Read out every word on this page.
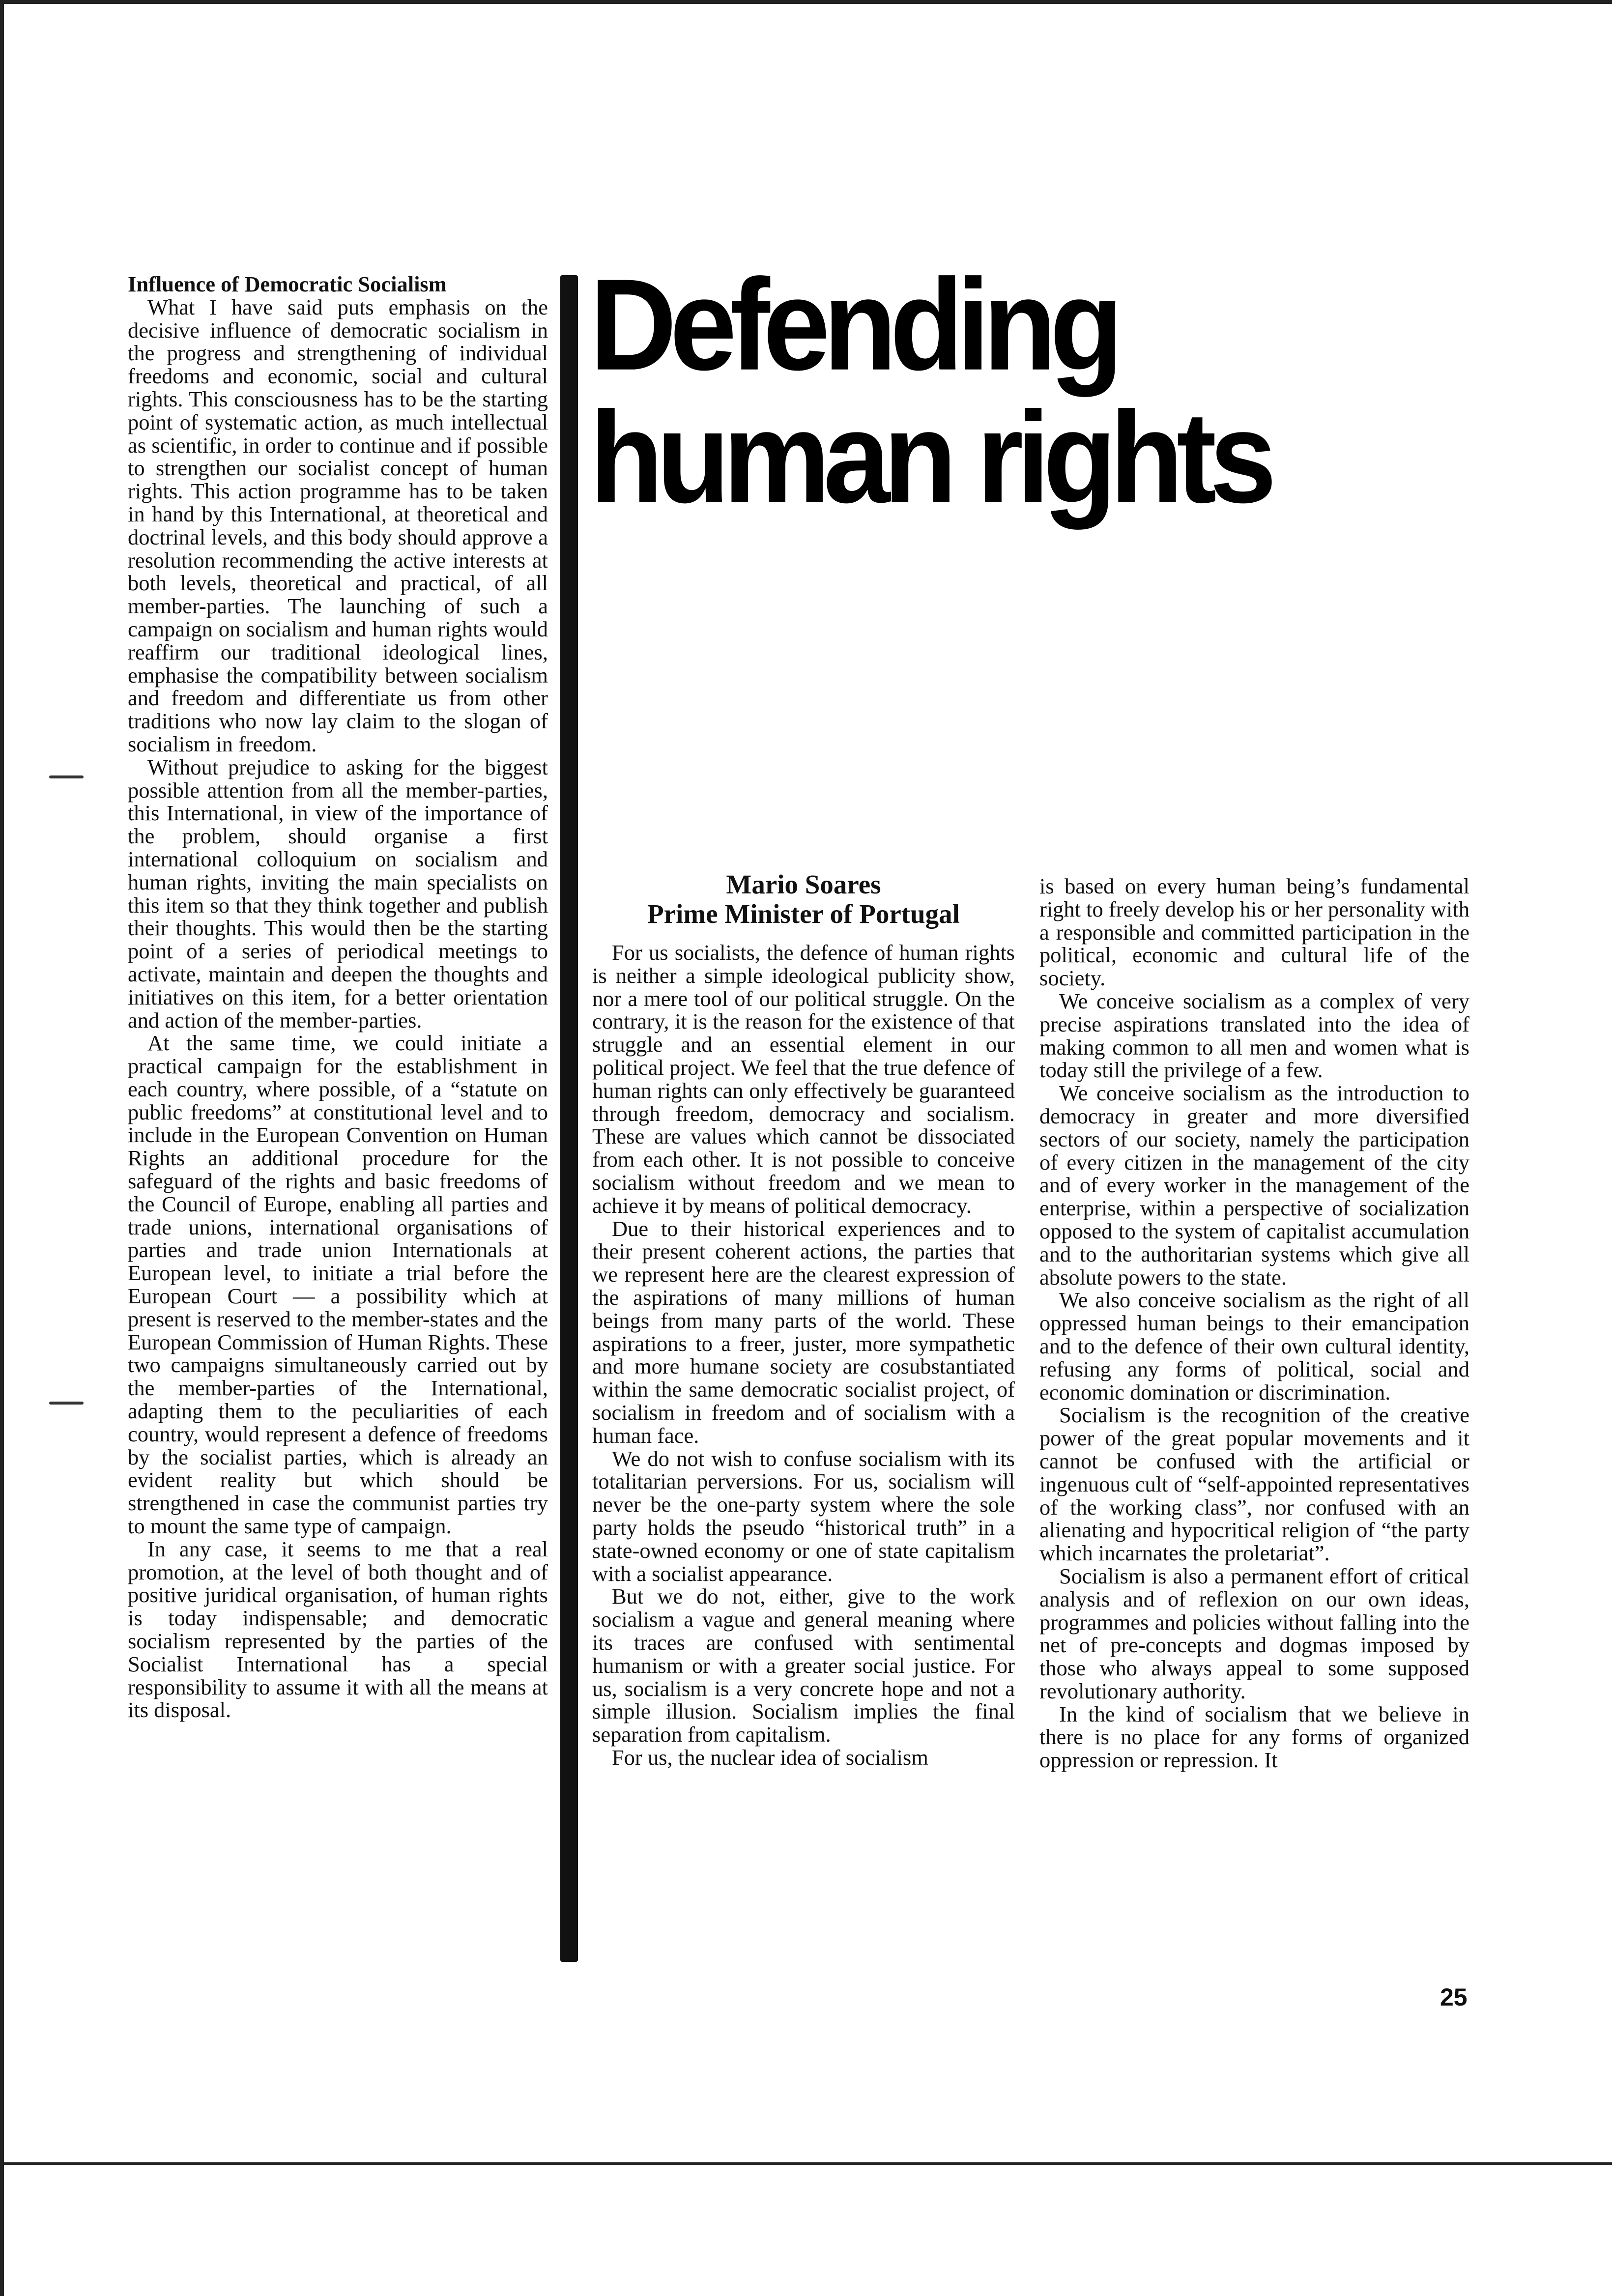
Influence of Democratic Socialism

What I have said puts emphasis on the decisive influence of democratic socialism in the progress and strengthening of individual freedoms and economic, social and cultural rights. This consciousness has to be the starting point of systematic action, as much intellectual as scientific, in order to continue and if possible to strengthen our socialist concept of human rights. This action programme has to be taken in hand by this International, at theoretical and doctrinal levels, and this body should approve a resolution recommending the active interests at both levels, theoretical and practical, of all member-parties. The launching of such a campaign on socialism and human rights would reaffirm our traditional ideological lines, emphasise the compatibility between socialism and freedom and differentiate us from other traditions who now lay claim to the slogan of socialism in freedom.

Without prejudice to asking for the biggest possible attention from all the member-parties, this International, in view of the importance of the problem, should organise a first international colloquium on socialism and human rights, inviting the main specialists on this item so that they think together and publish their thoughts. This would then be the starting point of a series of periodical meetings to activate, maintain and deepen the thoughts and initiatives on this item, for a better orientation and action of the member-parties.

At the same time, we could initiate a practical campaign for the establishment in each country, where possible, of a “statute on public freedoms” at constitutional level and to include in the European Convention on Human Rights an additional procedure for the safeguard of the rights and basic freedoms of the Council of Europe, enabling all parties and trade unions, international organisations of parties and trade union Internationals at European level, to initiate a trial before the European Court — a possibility which at present is reserved to the member-states and the European Commission of Human Rights. These two campaigns simultaneously carried out by the member-parties of the International, adapting them to the peculiarities of each country, would represent a defence of freedoms by the socialist parties, which is already an evident reality but which should be strengthened in case the communist parties try to mount the same type of campaign.

In any case, it seems to me that a real promotion, at the level of both thought and of positive juridical organisation, of human rights is today indispensable; and democratic socialism represented by the parties of the Socialist International has a special responsibility to assume it with all the means at its disposal.

Defending
human rights
Mario Soares
Prime Minister of Portugal

For us socialists, the defence of human rights is neither a simple ideological publicity show, nor a mere tool of our political struggle. On the contrary, it is the reason for the existence of that struggle and an essential element in our political project. We feel that the true defence of human rights can only effectively be guaranteed through freedom, democracy and socialism. These are values which cannot be dissociated from each other. It is not possible to conceive socialism without freedom and we mean to achieve it by means of political democracy.

Due to their historical experiences and to their present coherent actions, the parties that we represent here are the clearest expression of the aspirations of many millions of human beings from many parts of the world. These aspirations to a freer, juster, more sympathetic and more humane society are cosubstantiated within the same democratic socialist project, of socialism in freedom and of socialism with a human face.

We do not wish to confuse socialism with its totalitarian perversions. For us, socialism will never be the one-party system where the sole party holds the pseudo “historical truth” in a state-owned economy or one of state capitalism with a socialist appearance.

But we do not, either, give to the work socialism a vague and general meaning where its traces are confused with sentimental humanism or with a greater social justice. For us, socialism is a very concrete hope and not a simple illusion. Socialism implies the final separation from capitalism.

For us, the nuclear idea of socialism

is based on every human being’s fundamental right to freely develop his or her personality with a responsible and committed participation in the political, economic and cultural life of the society.

We conceive socialism as a complex of very precise aspirations translated into the idea of making common to all men and women what is today still the privilege of a few.

We conceive socialism as the introduction to democracy in greater and more diversified sectors of our society, namely the participation of every citizen in the management of the city and of every worker in the management of the enterprise, within a perspective of socialization opposed to the system of capitalist accumulation and to the authoritarian systems which give all absolute powers to the state.

We also conceive socialism as the right of all oppressed human beings to their emancipation and to the defence of their own cultural identity, refusing any forms of political, social and economic domination or discrimination.

Socialism is the recognition of the creative power of the great popular movements and it cannot be confused with the artificial or ingenuous cult of “self-appointed representatives of the working class”, nor confused with an alienating and hypocritical religion of “the party which incarnates the proletariat”.

Socialism is also a permanent effort of critical analysis and of reflexion on our own ideas, programmes and policies without falling into the net of pre-concepts and dogmas imposed by those who always appeal to some supposed revolutionary authority.

In the kind of socialism that we believe in there is no place for any forms of organized oppression or repression. It

25
